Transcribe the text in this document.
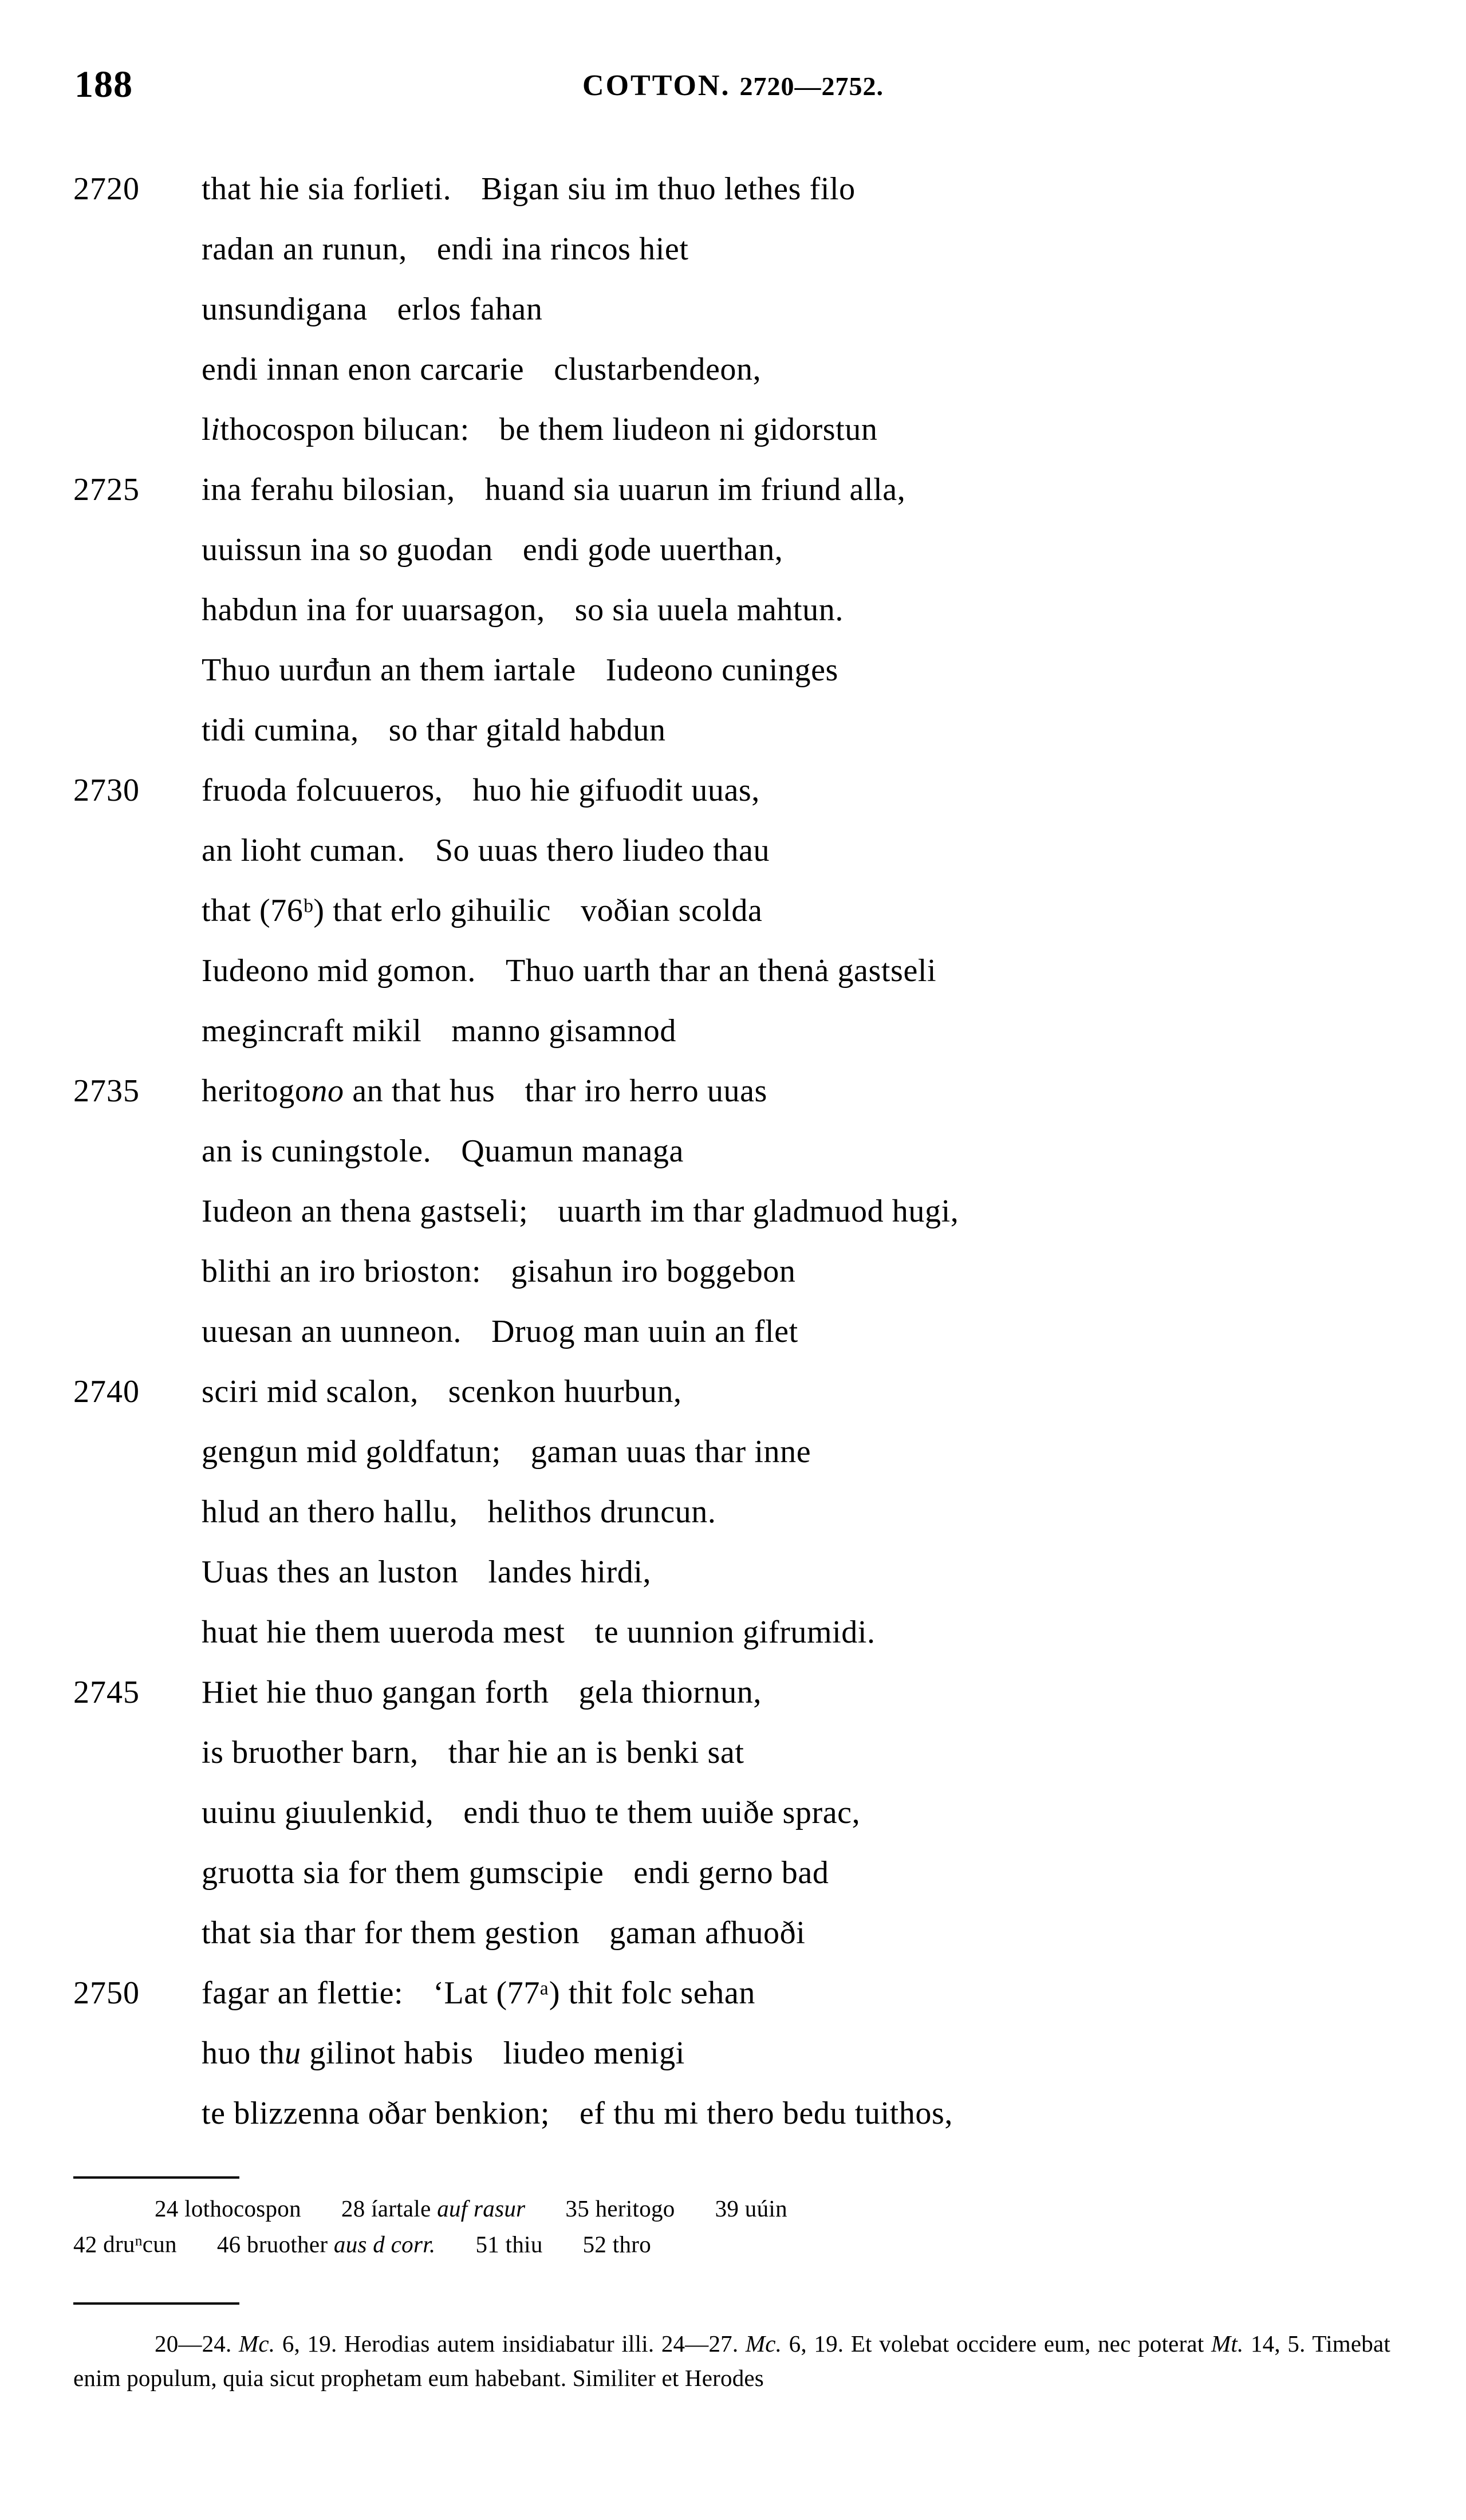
188	COTTON. 2720—2752.
2720	that hie sia forlieti. Bigan siu im thuo lethes filo
radan an runun, endi ina rincos hiet
unsundigana erlos fahan
endi innan enon carcarie clustarbendeon,
lithocospon bilucan: be them liudeon ni gidorstun
2725	ina ferahu bilosian, huand sia uuarun im friund alla,
uuissun ina so guodan endi gode uuerthan,
habdun ina for uuarsagon, so sia uuela mahtun.
Thuo uurđun an them iartale Iudeono cuninges
tidi cumina, so thar gitald habdun
2730	fruoda folcuueros, huo hie gifuodit uuas,
an lioht cuman. So uuas thero liudeo thau
that (76ᵇ) that erlo gihuilic voðian scolda
Iudeono mid gomon. Thuo uarth thar an thenȧ gastseli
megincraft mikil manno gisamnod
2735	heritogono an that hus thar iro herro uuas
an is cuningstole. Quamun managa
Iudeon an thena gastseli; uuarth im thar gladmuod hugi,
blithi an iro brioston: gisahun iro boggebon
uuesan an uunneon. Druog man uuin an flet
2740	sciri mid scalon, scenkon huurbun,
gengun mid goldfatun; gaman uuas thar inne
hlud an thero hallu, helithos druncun.
Uuas thes an luston landes hirdi,
huat hie them uueroda mest te uunnion gifrumidi.
2745	Hiet hie thuo gangan forth gela thiornun,
is bruother barn, thar hie an is benki sat
uuinu giuulenkid, endi thuo te them uuiðe sprac,
gruotta sia for them gumscipie endi gerno bad
that sia thar for them gestion gaman afhuoði
2750	fagar an flettie: ‘Lat (77ᵃ) thit folc sehan
huo thu gilinot habis liudeo menigi
te blizzenna oðar benkion; ef thu mi thero bedu tuithos,
24 lothocospon 28 íartale auf rasur 35 heritogo 39 uúin
42 dru$^n$cun 46 bruother aus d corr. 51 thiu 52 thro
20—24. Mc. 6, 19. Herodias autem insidiabatur illi. 24—27. Mc. 6, 19. Et volebat occidere eum, nec poterat Mt. 14, 5. Timebat enim populum, quia sicut prophetam eum habebant. Similiter et Herodes
